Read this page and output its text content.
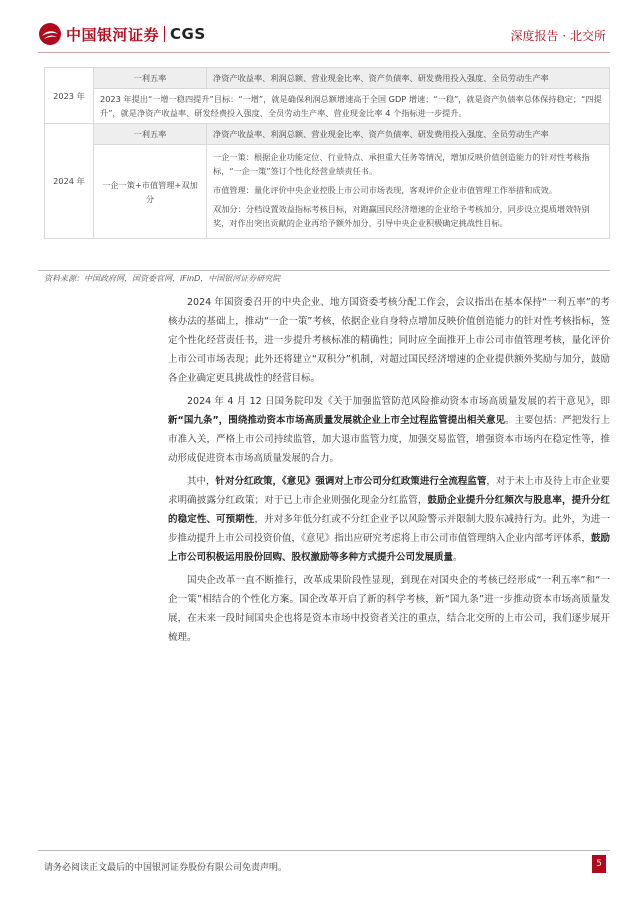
中国银河证券 CGS	深度报告 · 北交所
2023 年	一利五率	净资产收益率、利润总额、营业现金比率、资产负债率、研发费用投入强度、全员劳动生产率
	2023 年提出“一增一稳四提升”目标：“一增”，就是确保利润总额增速高于全国 GDP 增速；“一稳”，就是资产负债率总体保持稳定；“四提升”，就是净资产收益率、研发经费投入强度、全员劳动生产率、营业现金比率 4 个指标进一步提升。	
2024 年	一利五率	净资产收益率、利润总额、营业现金比率、资产负债率、研发费用投入强度、全员劳动生产率
	一企一策+市值管理+双加分	一企一策：根据企业功能定位、行业特点、承担重大任务等情况，增加反映价值创造能力的针对性考核指标，“一企一策”签订个性化经营业绩责任书。
市值管理：量化评价中央企业控股上市公司市场表现，客观评价企业市值管理工作举措和成效。
双加分：分档设置效益指标考核目标，对跑赢国民经济增速的企业给予考核加分，同步设立提质增效特别奖，对作出突出贡献的企业再给予额外加分，引导中央企业积极确定挑战性目标。
资料来源：中国政府网，国资委官网，iFinD，中国银河证券研究院

2024 年国资委召开的中央企业、地方国资委考核分配工作会，会议指出在基本保持“一利五率”的考核办法的基础上，推动“一企一策”考核，依据企业自身特点增加反映价值创造能力的针对性考核指标，签定个性化经营责任书，进一步提升考核标准的精确性；同时应全面推开上市公司市值管理考核，量化评价上市公司市场表现；此外还将建立“双积分”机制，对超过国民经济增速的企业提供额外奖励与加分，鼓励各企业确定更具挑战性的经营目标。

2024 年 4 月 12 日国务院印发《关于加强监管防范风险推动资本市场高质量发展的若干意见》，即新“国九条”，围绕推动资本市场高质量发展就企业上市全过程监管提出相关意见。主要包括：严把发行上市准入关，严格上市公司持续监管，加大退市监管力度，加强交易监管，增强资本市场内在稳定性等，推动形成促进资本市场高质量发展的合力。

其中，针对分红政策，《意见》强调对上市公司分红政策进行全流程监管，对于未上市及待上市企业要求明确披露分红政策；对于已上市企业则强化现金分红监管，鼓励企业提升分红频次与股息率，提升分红的稳定性、可预期性，并对多年低分红或不分红企业予以风险警示并限制大股东减持行为。此外，为进一步推动提升上市公司投资价值，《意见》指出应研究考虑将上市公司市值管理纳入企业内部考评体系，鼓励上市公司积极运用股份回购、股权激励等多种方式提升公司发展质量。

国央企改革一直不断推行，改革成果阶段性显现，到现在对国央企的考核已经形成“一利五率”和“一企一策”相结合的个性化方案。国企改革开启了新的科学考核，新“国九条”进一步推动资本市场高质量发展，在未来一段时间国央企也将是资本市场中投资者关注的重点，结合北交所的上市公司，我们逐步展开梳理。

请务必阅读正文最后的中国银河证券股份有限公司免责声明。	5
